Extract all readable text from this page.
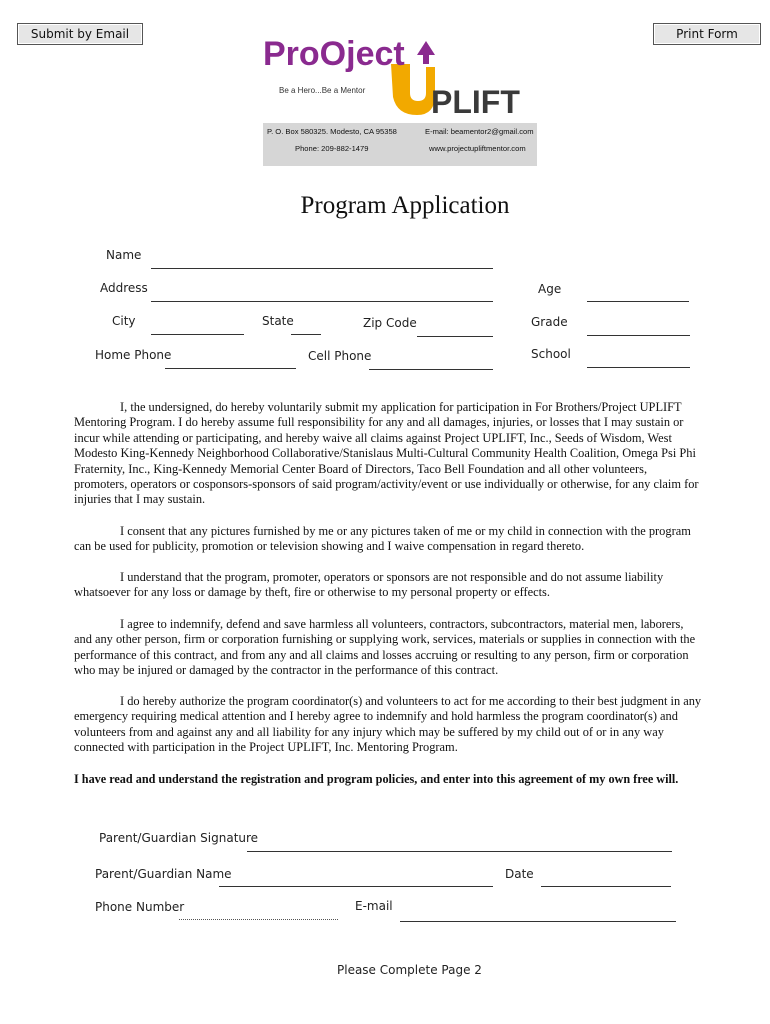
Submit by Email	Print Form
ProOject
PLIFT
Be a Hero...Be a Mentor
P. O. Box 580325. Modesto, CA 95358	E-mail: beamentor2@gmail.com
Phone: 209-882-1479	www.projectupliftmentor.com
Program Application
Name
Address	Age
City	State	Zip Code	Grade
Home Phone	Cell Phone	School
I, the undersigned, do hereby voluntarily submit my application for participation in For Brothers/Project UPLIFT Mentoring Program. I do hereby assume full responsibility for any and all damages, injuries, or losses that I may sustain or incur while attending or participating, and hereby waive all claims against Project UPLIFT, Inc., Seeds of Wisdom, West Modesto King-Kennedy Neighborhood Collaborative/Stanislaus Multi-Cultural Community Health Coalition, Omega Psi Phi Fraternity, Inc., King-Kennedy Memorial Center Board of Directors, Taco Bell Foundation and all other volunteers, promoters, operators or cosponsors-sponsors of said program/activity/event or use individually or otherwise, for any claim for injuries that I may sustain.
I consent that any pictures furnished by me or any pictures taken of me or my child in connection with the program can be used for publicity, promotion or television showing and I waive compensation in regard thereto.
I understand that the program, promoter, operators or sponsors are not responsible and do not assume liability whatsoever for any loss or damage by theft, fire or otherwise to my personal property or effects.
I agree to indemnify, defend and save harmless all volunteers, contractors, subcontractors, material men, laborers, and any other person, firm or corporation furnishing or supplying work, services, materials or supplies in connection with the performance of this contract, and from any and all claims and losses accruing or resulting to any person, firm or corporation who may be injured or damaged by the contractor in the performance of this contract.
I do hereby authorize the program coordinator(s) and volunteers to act for me according to their best judgment in any emergency requiring medical attention and I hereby agree to indemnify and hold harmless the program coordinator(s) and volunteers from and against any and all liability for any injury which may be suffered by my child out of or in any way connected with participation in the Project UPLIFT, Inc. Mentoring Program.
I have read and understand the registration and program policies, and enter into this agreement of my own free will.
Parent/Guardian Signature
Parent/Guardian Name	Date
Phone Number	E-mail
Please Complete Page 2
